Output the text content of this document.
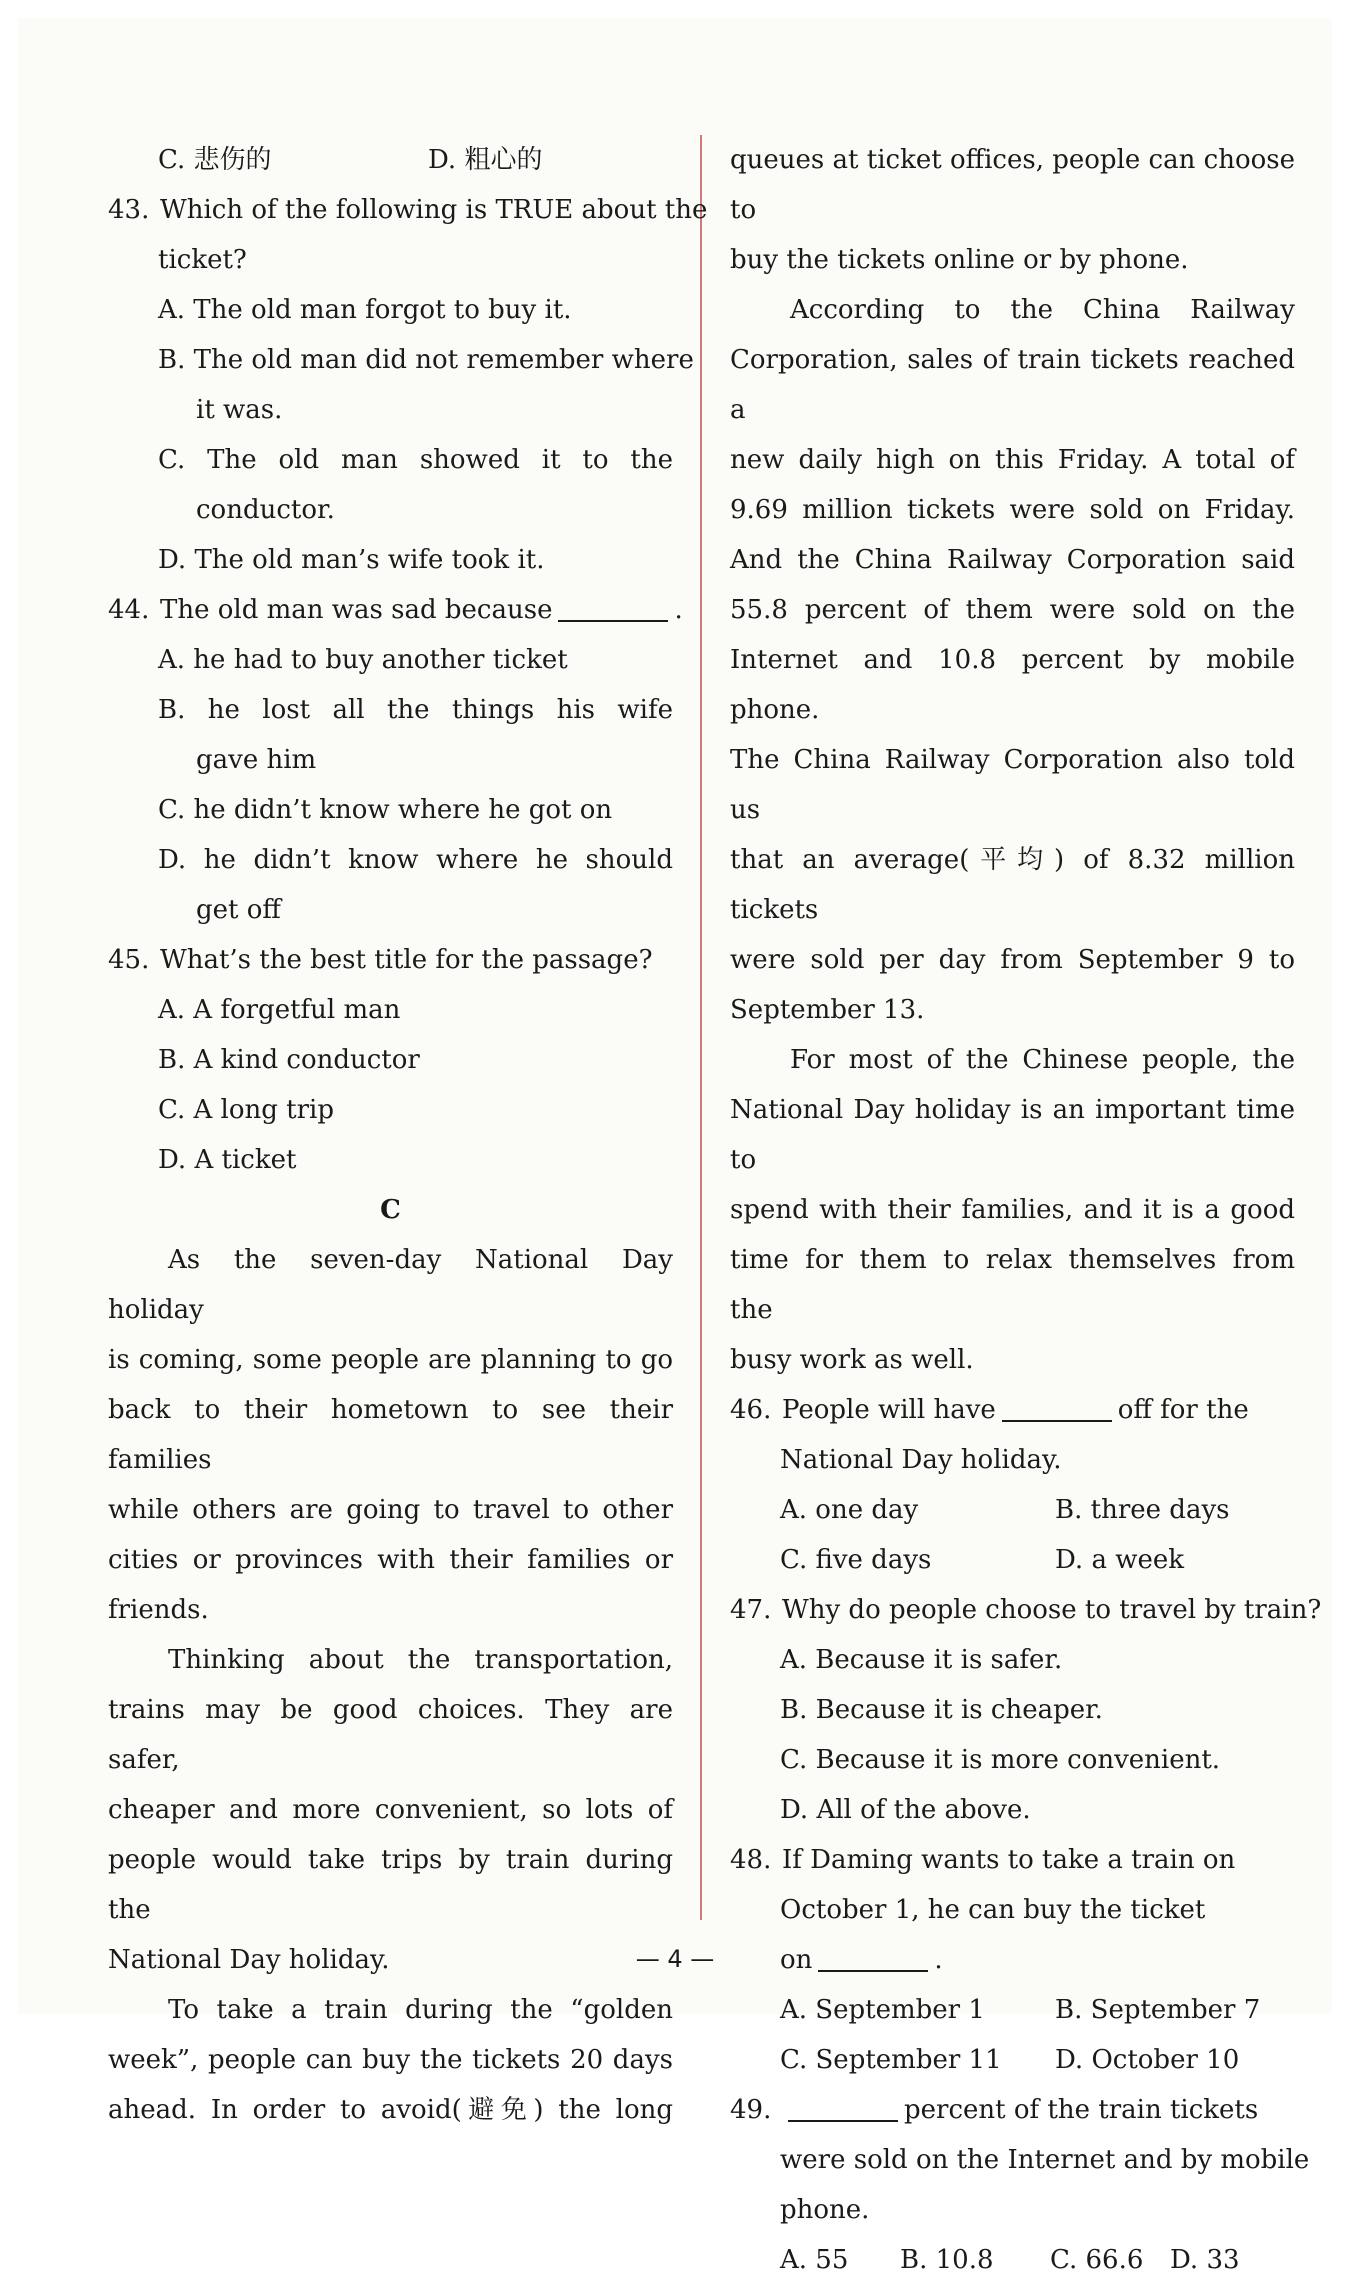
C. 悲伤的	D. 粗心的
43. Which of the following is TRUE about the
ticket?
A. The old man forgot to buy it.
B. The old man did not remember where
it was.
C. The old man showed it to the
conductor.
D. The old man’s wife took it.
44. The old man was sad because	.
A. he had to buy another ticket
B. he lost all the things his wife
gave him
C. he didn’t know where he got on
D. he didn’t know where he should
get off
45. What’s the best title for the passage?
A. A forgetful man
B. A kind conductor
C. A long trip
D. A ticket
C
As the seven-day National Day holiday
is coming, some people are planning to go
back to their hometown to see their families
while others are going to travel to other
cities or provinces with their families or
friends.
Thinking about the transportation,
trains may be good choices. They are safer,
cheaper and more convenient, so lots of
people would take trips by train during the
National Day holiday.
To take a train during the “golden
week”, people can buy the tickets 20 days
ahead. In order to avoid(避免) the long
queues at ticket offices, people can choose to
buy the tickets online or by phone.
According to the China Railway
Corporation, sales of train tickets reached a
new daily high on this Friday. A total of
9.69 million tickets were sold on Friday.
And the China Railway Corporation said
55.8 percent of them were sold on the
Internet and 10.8 percent by mobile phone.
The China Railway Corporation also told us
that an average(平均) of 8.32 million tickets
were sold per day from September 9 to
September 13.
For most of the Chinese people, the
National Day holiday is an important time to
spend with their families, and it is a good
time for them to relax themselves from the
busy work as well.
46. People will have	off for the
National Day holiday.
A. one day	B. three days
C. five days	D. a week
47. Why do people choose to travel by train?
A. Because it is safer.
B. Because it is cheaper.
C. Because it is more convenient.
D. All of the above.
48. If Daming wants to take a train on
October 1, he can buy the ticket
on	.
A. September 1	B. September 7
C. September 11	D. October 10
49.	percent of the train tickets
were sold on the Internet and by mobile
phone.
A. 55	B. 10.8	C. 66.6	D. 33
— 4 —
